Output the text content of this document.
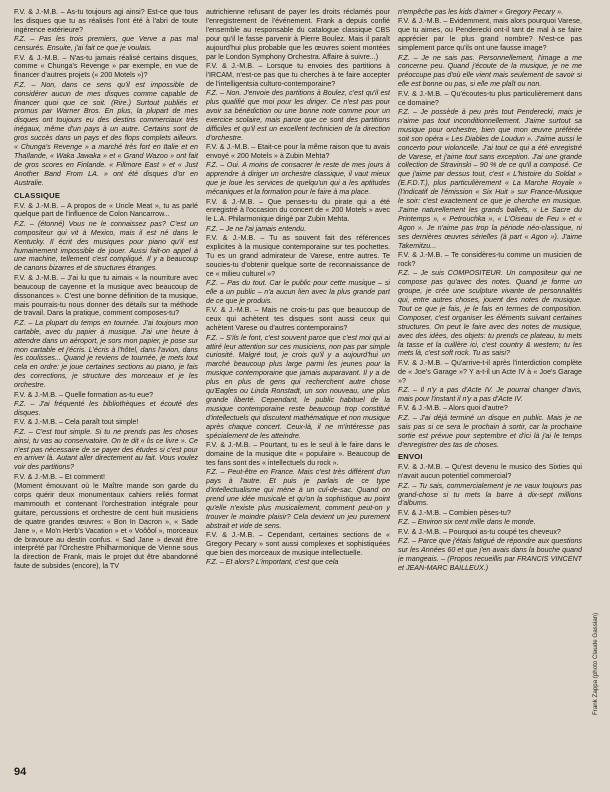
F.V. & J.-M.B. – As-tu toujours agi ainsi? Est-ce que tous les disques que tu as réalisés l'ont été à l'abri de toute ingérence extérieure?

F.Z. – Pas les trois premiers, que Verve a pas mal censurés. Ensuite, j'ai fait ce que je voulais.

F.V. & J.-M.B. – N'as-tu jamais réalisé certains disques, comme « Chunga's Revenge » par exemple, en vue de financer d'autres projets (« 200 Motels »)?

F.Z. – Non, dans ce sens qu'il est impossible de considérer aucun de mes disques comme capable de financer quoi que ce soit. (Rire.) Surtout publiés et promus par Warner Bros. En plus, la plupart de mes disques ont toujours eu des destins commerciaux très inégaux, même d'un pays à un autre. Certains sont de gros succès dans un pays et des flops complets ailleurs. « Chunga's Revenge » a marché très fort en Italie et en Thaïlande, « Waka Jawaka » et « Grand Wazoo » ont fait de gros scores en Finlande. « Fillmore East » et « Just Another Band From LA. » ont été disques d'or en Australie.

CLASSIQUE

F.V. & J.-M.B. – A propos de « Uncle Meat », tu as parlé quelque part de l'influence de Colon Nancarrow...

F.Z. – (étonné) Vous ne le connaissez pas? C'est un compositeur qui vit à Mexico, mais il est né dans le Kentucky. Il écrit des musiques pour piano qu'il est humainement impossible de jouer. Aussi fait-on appel à une machine, tellement c'est compliqué. Il y a beaucoup de canons bizarres et de structures étranges.

F.V. & J.-M.B. – J'ai lu que tu aimais « la nourriture avec beaucoup de cayenne et la musique avec beaucoup de dissonances ». C'est une bonne définition de ta musique, mais pourrais-tu nous donner des détails sur ta méthode de travail. Dans la pratique, comment composes-tu?

F.Z. – La plupart du temps en tournée. J'ai toujours mon cartable, avec du papier à musique. J'ai une heure à attendre dans un aéroport, je sors mon papier, je pose sur mon cartable et j'écris. L'écris à l'hôtel, dans l'avion, dans les coulisses... Quand je reviens de tournée, je mets tout cela en ordre: je joue certaines sections au piano, je fais des corrections, je structure des morceaux et je les orchestre.

F.V. & J.-M.B. – Quelle formation as-tu eue?

F.Z. – J'ai fréquenté les bibliothèques et écouté des disques.

F.V. & J.-M.B. – Cela paraît tout simple!

F.Z. – C'est tout simple. Si tu ne prends pas les choses ainsi, tu vas au conservatoire. On te dit « lis ce livre ». Ce n'est pas nécessaire de se payer des études si c'est pour en arriver là. Autant aller directement au fait. Vous voulez voir des partitions?

F.V. & J.-M.B. – Et comment!

(Moment émouvant où le Maître mande son garde du corps quérir deux monumentaux cahiers reliés format mammouth et contenant l'orchestration intégrale pour guitare, percussions et orchestre de cent huit musiciens de quatre grandes œuvres: « Bon In Dacron », « Sade Jane », « Mo'n Herb's Vacation » et « Voôôol », morceaux de bravoure au destin confus. « Sad Jane » devait être interprété par l'Orchestre Philharmonique de Vienne sous la direction de Frank, mais le projet dut être abandonné faute de subsides (encore), la TV

autrichienne refusant de payer les droits réclamés pour l'enregistrement de l'événement. Frank a depuis confié l'ensemble au responsable du catalogue classique CBS pour qu'il le fasse parvenir à Pierre Boulez. Mais il paraît aujourd'hui plus probable que les œuvres soient montées par le London Symphony Orchestra. Affaire à suivre...)

F.V. & J.-M.B. – Lorsque tu envoies des partitions à l'IRCAM, n'est-ce pas que tu cherches à te faire accepter de l'intelligentsia culturo-contemporaine?

F.Z. – Non. J'envoie des partitions à Boulez, c'est qu'il est plus qualifié que moi pour les diriger. Ce n'est pas pour avoir sa bénédiction ou une bonne note comme pour un exercice scolaire, mais parce que ce sont des partitions difficiles et qu'il est un excellent technicien de la direction d'orchestre.

F.V. & J.-M.B. – Etait-ce pour la même raison que tu avais envoyé « 200 Motels » à Zubin Mehta?

F.Z. – Oui. A moins de consacrer le reste de mes jours à apprendre à diriger un orchestre classique, il vaut mieux que je loue les services de quelqu'un qui a les aptitudes mécaniques et la formation pour le faire à ma place.

F.V. & J.-M.B. – Que penses-tu du pirate qui a été enregistré à l'occasion du concert de « 200 Motels » avec le L.A. Philarmonique dirigé par Zubin Mehta.

F.Z. – Je ne l'ai jamais entendu.

F.V. & J.-M.B. – Tu as souvent fait des références explicites à la musique contemporaine sur tes pochettes. Tu es un grand admirateur de Varese, entre autres. Te soucies-tu d'obtenir quelque sorte de reconnaissance de ce « milieu culturel »?

F.Z. – Pas du tout. Car le public pour cette musique – si elle a un public – n'a aucun lien avec la plus grande part de ce que je produis.

F.V. & J.-M.B. – Mais ne crois-tu pas que beaucoup de ceux qui achètent tes disques sont aussi ceux qui achètent Varese ou d'autres contemporains?

F.Z. – S'ils le font, c'est souvent parce que c'est moi qui ai attiré leur attention sur ces musiciens, non pas par simple curiosité. Malgré tout, je crois qu'il y a aujourd'hui un marché beaucoup plus large parmi les jeunes pour la musique contemporaine que jamais auparavant. Il y a de plus en plus de gens qui recherchent autre chose qu'Eagles ou Linda Ronstadt, un son nouveau, une plus grande liberté. Cependant, le public habituel de la musique contemporaine reste beaucoup trop constitué d'intellectuels qui discutent mathématique et non musique après chaque concert. Ceux-là, il ne m'intéresse pas spécialement de les atteindre.

F.V. & J.-M.B. – Pourtant, tu es le seul à le faire dans le domaine de la musique dite « populaire ». Beaucoup de tes fans sont des « intellectuels du rock ».

F.Z. – Peut-être en France. Mais c'est très différent d'un pays à l'autre. Et puis je parlais de ce type d'intellectualisme qui mène à un cul-de-sac. Quand on prend une idée musicale et qu'on la sophistique au point qu'elle n'existe plus musicalement, comment peut-on y trouver le moindre plaisir? Cela devient un jeu purement abstrait et vide de sens.

F.V. & J.-M.B. – Cependant, certaines sections de « Gregory Pecary » sont aussi complexes et sophistiquées que bien des morceaux de musique intellectuelle.

F.Z. – Et alors? L'important, c'est que cela

n'empêche pas les kids d'aimer « Gregory Pecary ».

F.V. & J.-M.B. – Evidemment, mais alors pourquoi Varese, que tu aimes, ou Penderecki ont-il tant de mal à se faire apprécier par le plus grand nombre? N'est-ce pas simplement parce qu'ils ont une fausse image?

F.Z. – Je ne sais pas. Personnellement, l'image a me concerne peu. Quand j'écoute de la musique, je ne me préoccupe pas d'où elle vient mais seulement de savoir si elle est bonne ou pas, si elle me plaît ou non.

F.V. & J.-M.B. – Qu'écoutes-tu plus particulièrement dans ce domaine?

F.Z. – Je possède à peu près tout Penderecki, mais je n'aime pas tout inconditionnellement. J'aime surtout sa musique pour orchestre, bien que mon œuvre préférée soit son opéra « Les Diables de Loudun ». J'aime aussi le concerto pour violoncelle. J'ai tout ce qui a été enregistré de Varese, et j'aime tout sans exception. J'ai une grande collection de Stravinski – 90 % de ce qu'il a composé. Ce que j'aime par dessus tout, c'est « L'histoire du Soldat » (E.F.D.T.), plus particulièrement « La Marche Royale » (l'indicatif de l'émission « Six Huit » sur France-Musique le soir: c'est exactement ce que je cherche en musique. J'aime naturellement les grands ballets, « Le Sacre du Printemps », « Petrouchka », « L'Oiseau de Feu » et « Agon ». Je n'aime pas trop la période néo-classique, ni ses dernières œuvres sérielles (à part « Agon »). J'aime Takemitzu...

F.V. & J.-M.B. – Te considères-tu comme un musicien de rock?

F.Z. – Je suis COMPOSITEUR. Un compositeur qui ne compose pas qu'avec des notes. Quand je forme un groupe, je crée une sculpture vivante de personnalités qui, entre autres choses, jouent des notes de musique. Tout ce que je fais, je le fais en termes de composition. Composer, c'est organiser les éléments suivant certaines structures. On peut le faire avec des notes de musique, avec des idées, des objets: tu prends ce plateau, tu mets la tasse et la cuillère ici, c'est country & western; tu les mets là, c'est soft rock. Tu as saisi?

F.V. & J.-M.B. – Qu'arrive-t-il après l'interdiction complète de « Joe's Garage »? Y a-t-il un Acte IV à « Joe's Garage »?

F.Z. – Il n'y a pas d'Acte IV. Je pourrai changer d'avis, mais pour l'instant il n'y a pas d'Acte IV.

F.V. & J.-M.B. – Alors quoi d'autre?

F.Z. – J'ai déjà terminé un disque en public. Mais je ne sais pas si ce sera le prochain à sortir, car la prochaine sortie est prévue pour septembre et d'ici là j'ai le temps d'enregistrer des tas de choses.

ENVOI

F.V. & J.-M.B. – Qu'est devenu le musico des Sixties qui n'avait aucun potentiel commercial?

F.Z. – Tu sais, commercialement je ne vaux toujours pas grand-chose si tu mets la barre à dix-sept millions d'albums.

F.V. & J.-M.B. – Combien pèses-tu?

F.Z. – Environ six cent mille dans le monde.

F.V. & J.-M.B. – Pourquoi as-tu coupé tes cheveux?

F.Z. – Parce que j'étais fatigué de répondre aux questions sur les Années 60 et que j'en avais dans la bouche quand je mangeais. – (Propos recueillis par FRANCIS VINCENT et JEAN-MARC BAILLEUX.)

94
Frank Zappa (photo Claude Gassian)
